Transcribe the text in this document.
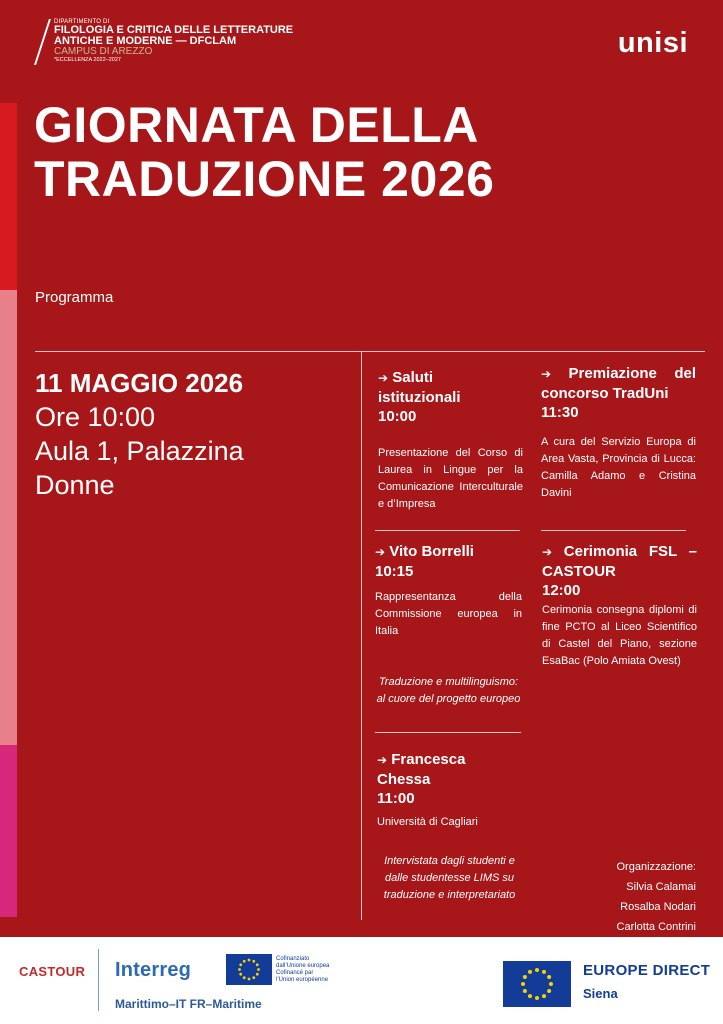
DIPARTIMENTO DI
FILOLOGIA E CRITICA DELLE LETTERATURE
ANTICHE E MODERNE — DFCLAM
CAMPUS DI AREZZO
*ECCELLENZA 2022–2027
unisi
GIORNATA DELLA
TRADUZIONE 2026
Programma
11 MAGGIO 2026
Ore 10:00
Aula 1, Palazzina
Donne
➔ Saluti
istituzionali
10:00
Presentazione del Corso di Laurea in Lingue per la Comunicazione Interculturale e d’Impresa
➔ Vito Borrelli
10:15
Rappresentanza della Commissione europea in Italia
Traduzione e multilinguismo: al cuore del progetto europeo
➔ Francesca Chessa
11:00
Università di Cagliari
Intervistata dagli studenti e dalle studentesse LIMS su traduzione e interpretariato
➔ Premiazione del
concorso TradUni
11:30
A cura del Servizio Europa di Area Vasta, Provincia di Lucca: Camilla Adamo e Cristina Davini
➔ Cerimonia FSL –
CASTOUR
12:00
Cerimonia consegna diplomi di fine PCTO al Liceo Scientifico di Castel del Piano, sezione EsaBac (Polo Amiata Ovest)
Organizzazione:
Silvia Calamai
Rosalba Nodari
Carlotta Contrini
CASTOUR Interreg
Marittimo–IT FR–Maritime
Cofinanziato
dall’Unione europea
Cofinancé par
l’Union européenne
EUROPE DIRECT
Siena
